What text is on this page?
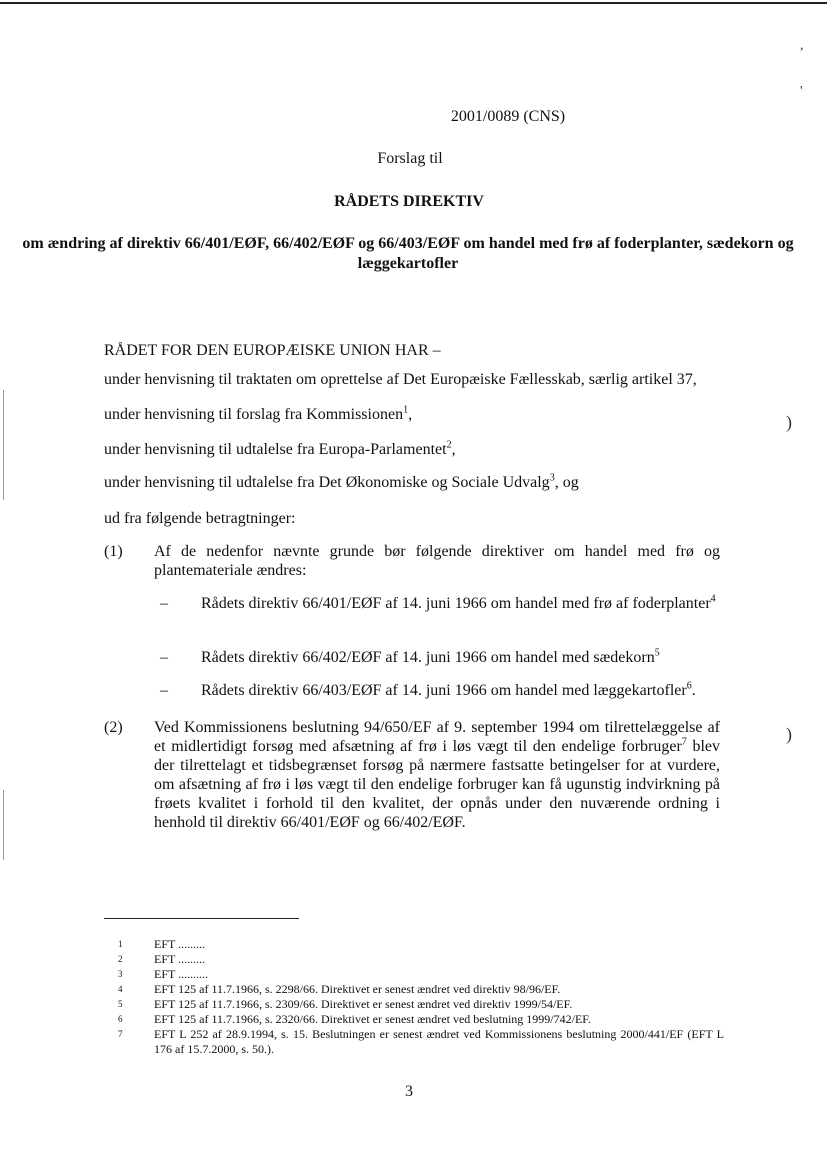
,
'
)
)
2001/0089 (CNS)
Forslag til
RÅDETS DIREKTIV
om ændring af direktiv 66/401/EØF, 66/402/EØF og 66/403/EØF om handel med frø af foderplanter, sædekorn og læggekartofler
RÅDET FOR DEN EUROPÆISKE UNION HAR –
under henvisning til traktaten om oprettelse af Det Europæiske Fællesskab, særlig artikel 37,
under henvisning til forslag fra Kommissionen$^1$,
under henvisning til udtalelse fra Europa-Parlamentet$^2$,
under henvisning til udtalelse fra Det Økonomiske og Sociale Udvalg$^3$, og
ud fra følgende betragtninger:
(1) Af de nedenfor nævnte grunde bør følgende direktiver om handel med frø og plantemateriale ændres:
– Rådets direktiv 66/401/EØF af 14. juni 1966 om handel med frø af foderplanter$^4$
– Rådets direktiv 66/402/EØF af 14. juni 1966 om handel med sædekorn$^5$
– Rådets direktiv 66/403/EØF af 14. juni 1966 om handel med læggekartofler$^6$.
(2) Ved Kommissionens beslutning 94/650/EF af 9. september 1994 om tilrettelæggelse af et midlertidigt forsøg med afsætning af frø i løs vægt til den endelige forbruger$^7$ blev der tilrettelagt et tidsbegrænset forsøg på nærmere fastsatte betingelser for at vurdere, om afsætning af frø i løs vægt til den endelige forbruger kan få ugunstig indvirkning på frøets kvalitet i forhold til den kvalitet, der opnås under den nuværende ordning i henhold til direktiv 66/401/EØF og 66/402/EØF.
1	EFT .........
2	EFT .........
3	EFT ..........
4	EFT 125 af 11.7.1966, s. 2298/66. Direktivet er senest ændret ved direktiv 98/96/EF.
5	EFT 125 af 11.7.1966, s. 2309/66. Direktivet er senest ændret ved direktiv 1999/54/EF.
6	EFT 125 af 11.7.1966, s. 2320/66. Direktivet er senest ændret ved beslutning 1999/742/EF.
7	EFT L 252 af 28.9.1994, s. 15. Beslutningen er senest ændret ved Kommissionens beslutning 2000/441/EF (EFT L 176 af 15.7.2000, s. 50.).
3
